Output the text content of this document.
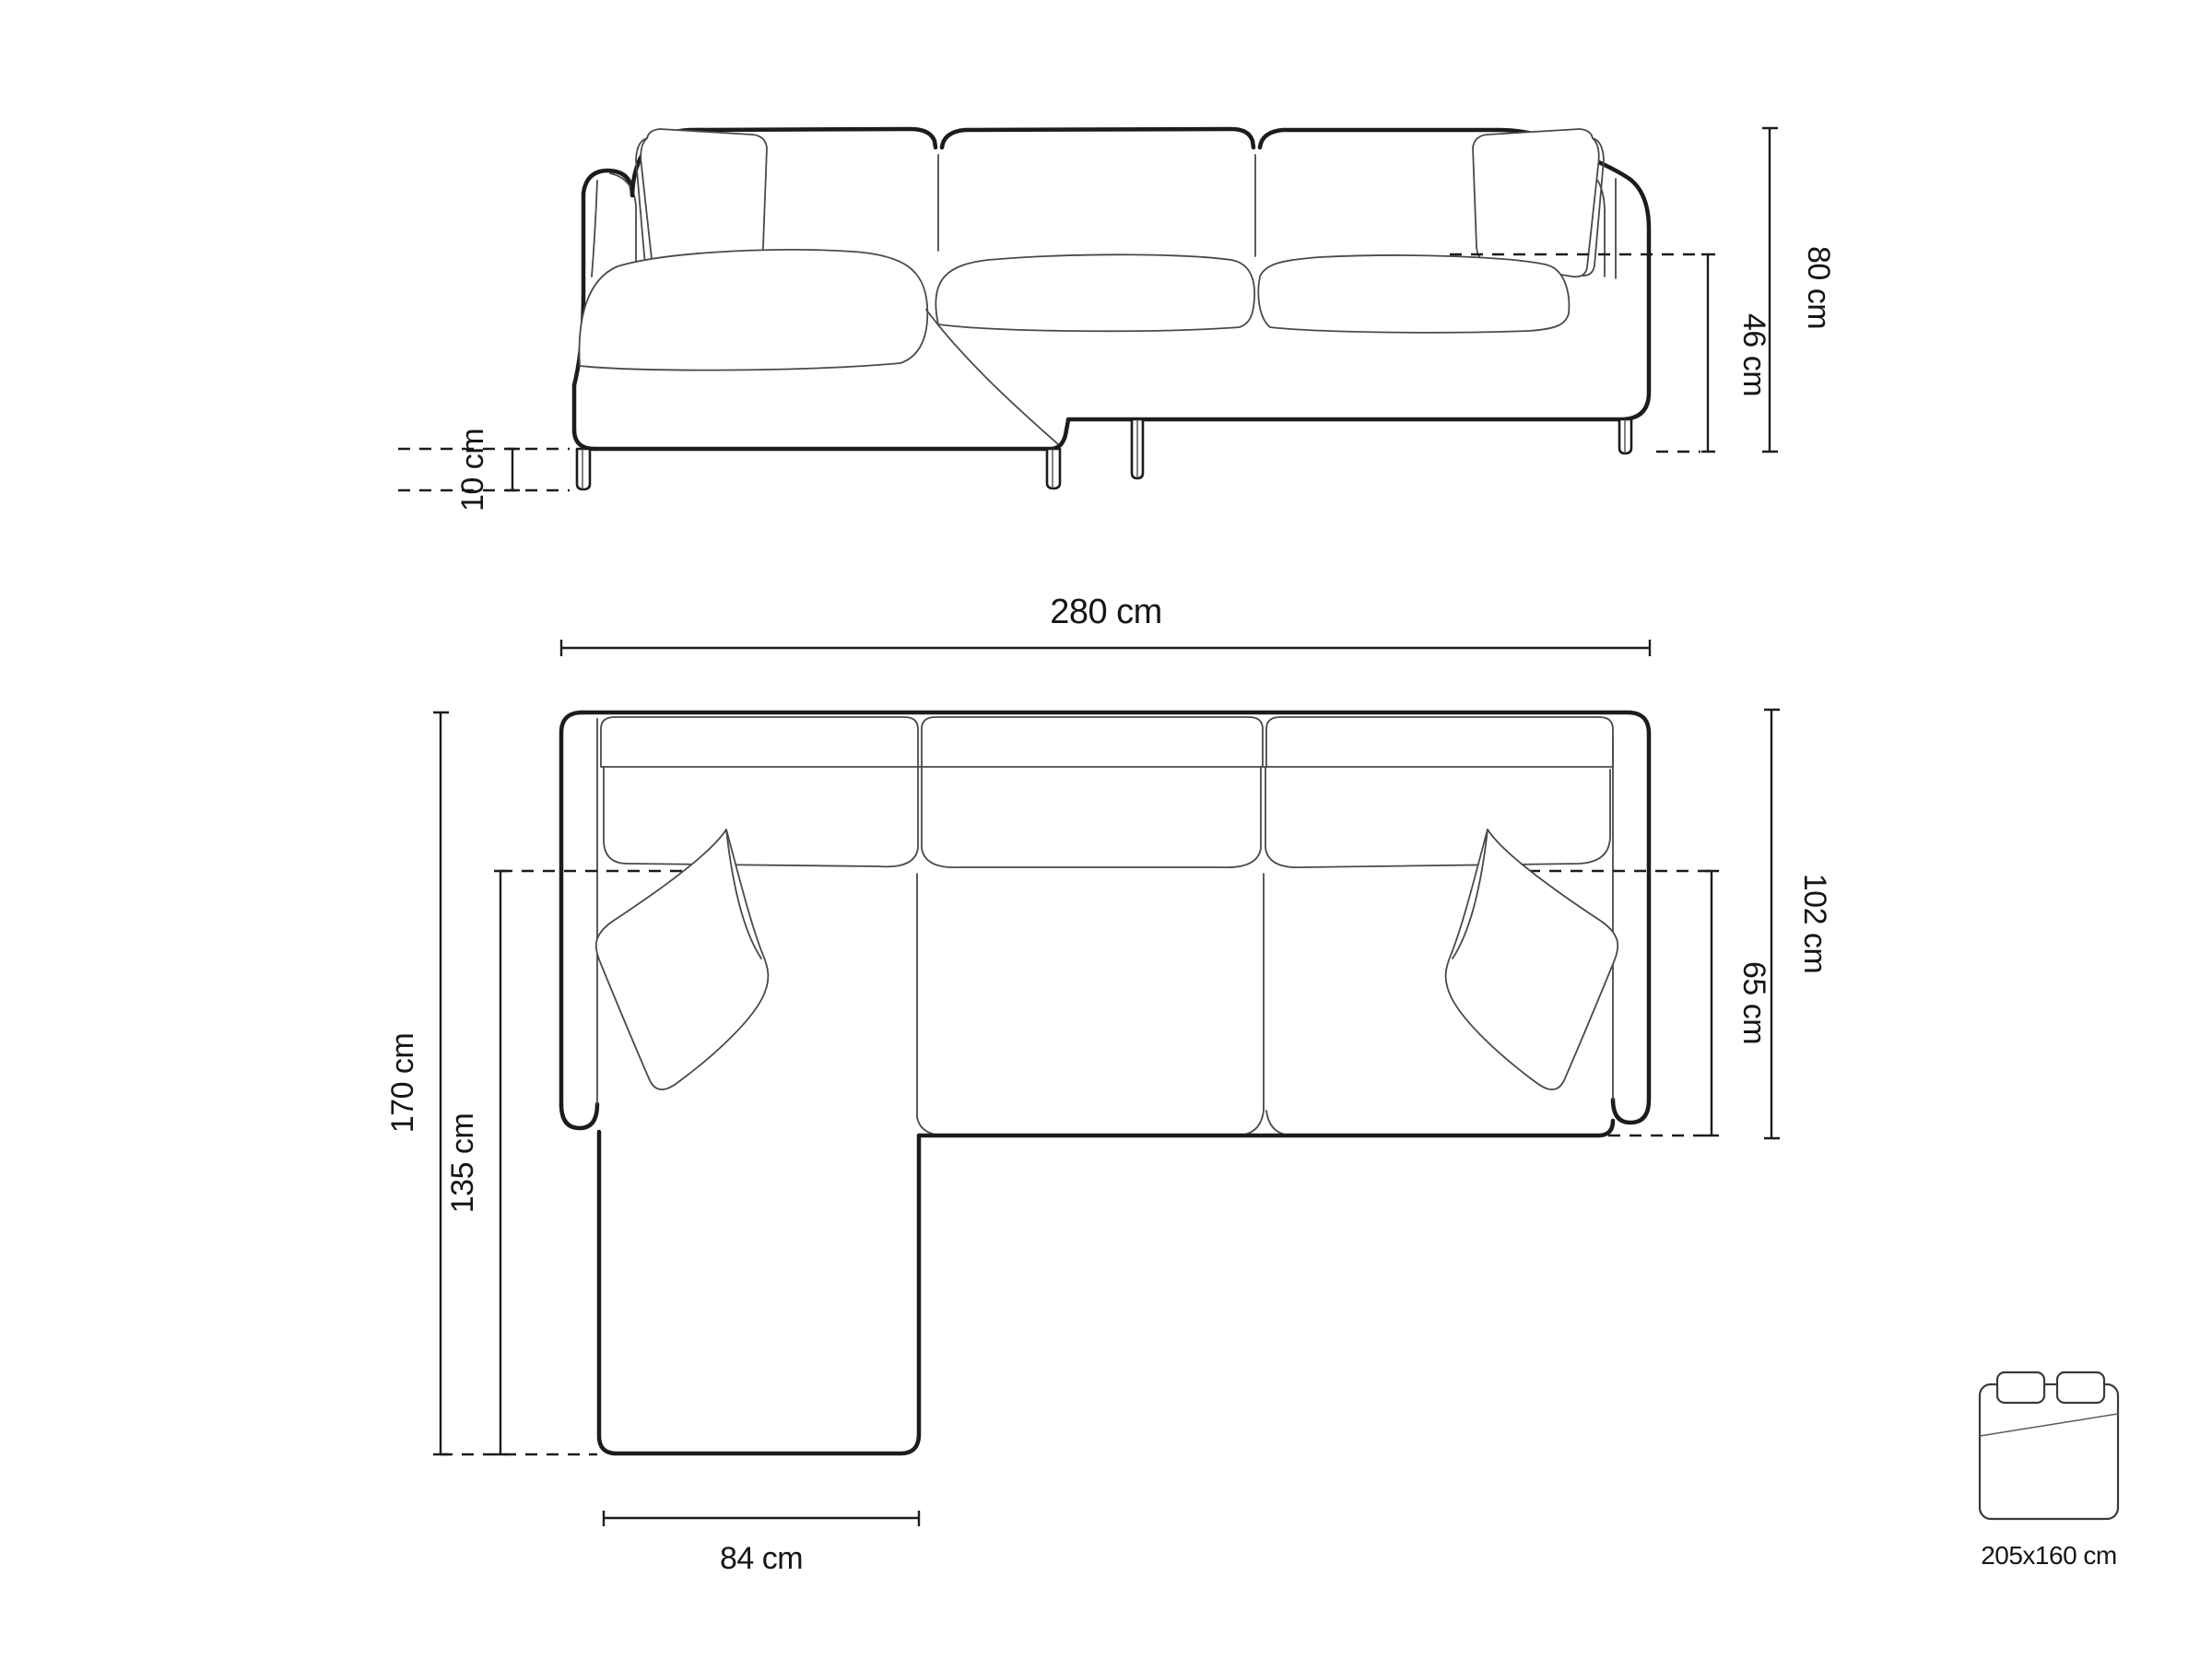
80 cm
46 cm
10 cm
280 cm
170 cm
135 cm
102 cm
65 cm
84 cm	205x160 cm
